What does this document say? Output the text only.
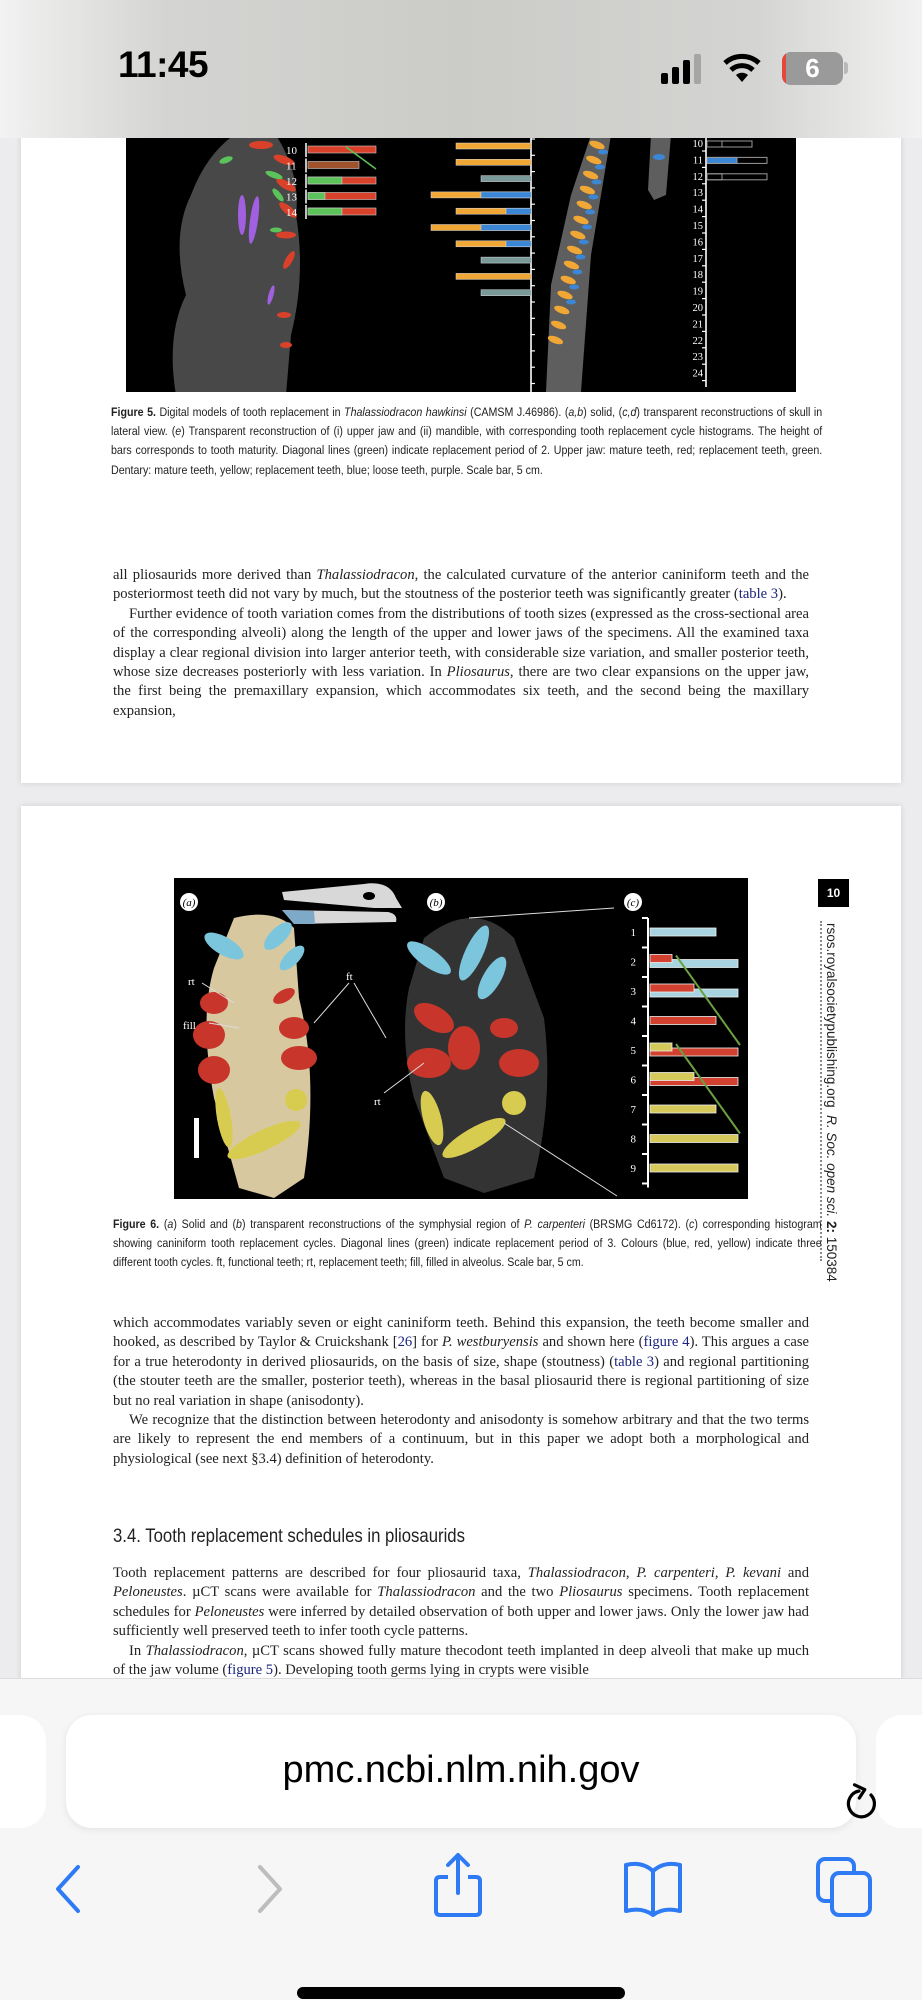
11:45	6
10
11
12
13
14
10
11
12
13
14
15
16
17
18
19
20
21
22
23
24
Figure 5. Digital models of tooth replacement in Thalassiodracon hawkinsi (CAMSM J.46986). (a,b) solid, (c,d) transparent reconstructions of skull in lateral view. (e) Transparent reconstruction of (i) upper jaw and (ii) mandible, with corresponding tooth replacement cycle histograms. The height of bars corresponds to tooth maturity. Diagonal lines (green) indicate replacement period of 2. Upper jaw: mature teeth, red; replacement teeth, green. Dentary: mature teeth, yellow; replacement teeth, blue; loose teeth, purple. Scale bar, 5 cm.

all pliosaurids more derived than Thalassiodracon, the calculated curvature of the anterior caniniform teeth and the posteriormost teeth did not vary by much, but the stoutness of the posterior teeth was significantly greater (table 3).

Further evidence of tooth variation comes from the distributions of tooth sizes (expressed as the cross-sectional area of the corresponding alveoli) along the length of the upper and lower jaws of the specimens. All the examined taxa display a clear regional division into larger anterior teeth, with considerable size variation, and smaller posterior teeth, whose size decreases posteriorly with less variation. In Pliosaurus, there are two clear expansions on the upper jaw, the first being the premaxillary expansion, which accommodates six teeth, and the second being the maxillary expansion,

(a)	(b)	(c)
rt
fill
ft
rt
1
2
3
4
5
6
7
8
9
10
rsos.royalsocietypublishing.org  R. Soc. open sci. 2: 150384
Figure 6. (a) Solid and (b) transparent reconstructions of the symphysial region of P. carpenteri (BRSMG Cd6172). (c) corresponding histogram showing caniniform tooth replacement cycles. Diagonal lines (green) indicate replacement period of 3. Colours (blue, red, yellow) indicate three different tooth cycles. ft, functional teeth; rt, replacement teeth; fill, filled in alveolus. Scale bar, 5 cm.

which accommodates variably seven or eight caniniform teeth. Behind this expansion, the teeth become smaller and hooked, as described by Taylor & Cruickshank [26] for P. westburyensis and shown here (figure 4). This argues a case for a true heterodonty in derived pliosaurids, on the basis of size, shape (stoutness) (table 3) and regional partitioning (the stouter teeth are the smaller, posterior teeth), whereas in the basal pliosaurid there is regional partitioning of size but no real variation in shape (anisodonty).

We recognize that the distinction between heterodonty and anisodonty is somehow arbitrary and that the two terms are likely to represent the end members of a continuum, but in this paper we adopt both a morphological and physiological (see next §3.4) definition of heterodonty.

3.4. Tooth replacement schedules in pliosaurids

Tooth replacement patterns are described for four pliosaurid taxa, Thalassiodracon, P. carpenteri, P. kevani and Peloneustes. µCT scans were available for Thalassiodracon and the two Pliosaurus specimens. Tooth replacement schedules for Peloneustes were inferred by detailed observation of both upper and lower jaws. Only the lower jaw had sufficiently well preserved teeth to infer tooth cycle patterns.

In Thalassiodracon, µCT scans showed fully mature thecodont teeth implanted in deep alveoli that make up much of the jaw volume (figure 5). Developing tooth germs lying in crypts were visible

pmc.ncbi.nlm.nih.gov
